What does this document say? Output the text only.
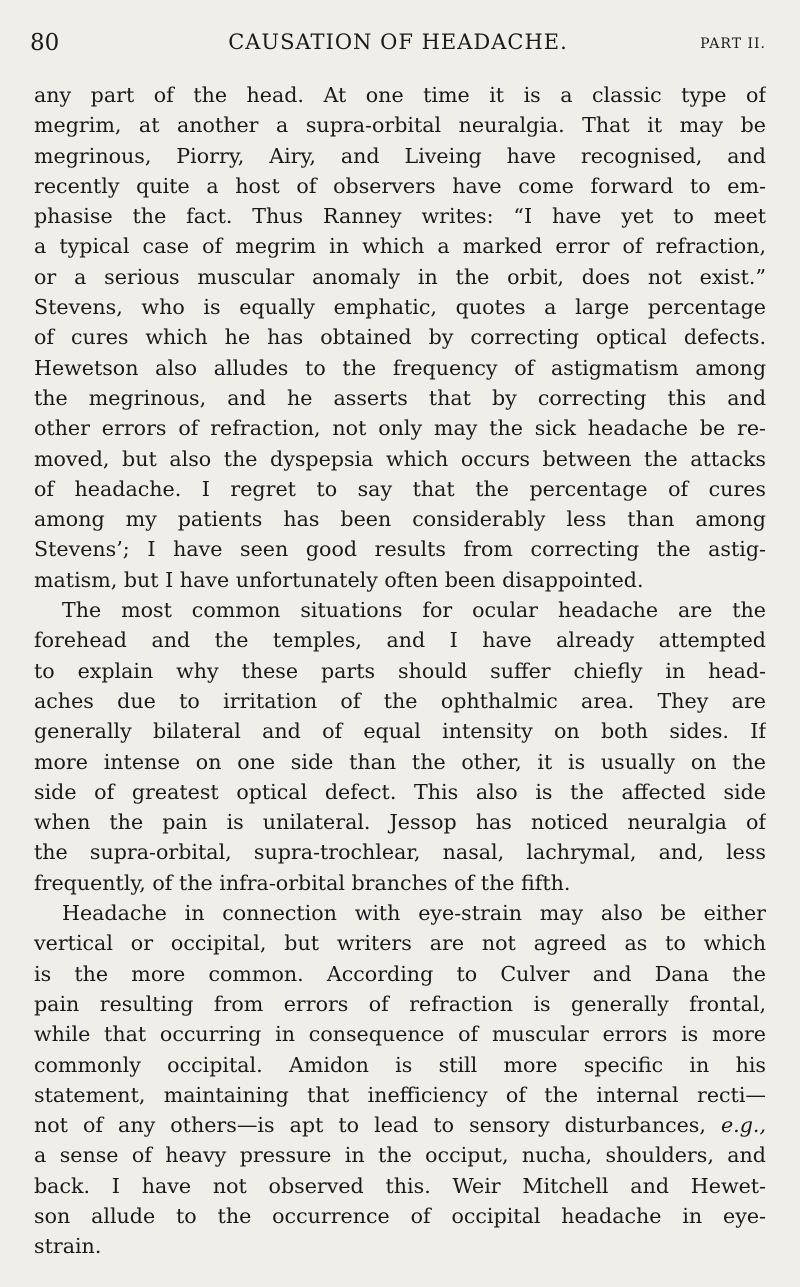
80	CAUSATION OF HEADACHE.	PART II.
any part of the head. At one time it is a classic type of
megrim, at another a supra-orbital neuralgia. That it may be
megrinous, Piorry, Airy, and Liveing have recognised, and
recently quite a host of observers have come forward to em-
phasise the fact. Thus Ranney writes: “I have yet to meet
a typical case of megrim in which a marked error of refraction,
or a serious muscular anomaly in the orbit, does not exist.”
Stevens, who is equally emphatic, quotes a large percentage
of cures which he has obtained by correcting optical defects.
Hewetson also alludes to the frequency of astigmatism among
the megrinous, and he asserts that by correcting this and
other errors of refraction, not only may the sick headache be re-
moved, but also the dyspepsia which occurs between the attacks
of headache. I regret to say that the percentage of cures
among my patients has been considerably less than among
Stevens’; I have seen good results from correcting the astig-
matism, but I have unfortunately often been disappointed.
The most common situations for ocular headache are the
forehead and the temples, and I have already attempted
to explain why these parts should suffer chiefly in head-
aches due to irritation of the ophthalmic area. They are
generally bilateral and of equal intensity on both sides. If
more intense on one side than the other, it is usually on the
side of greatest optical defect. This also is the affected side
when the pain is unilateral. Jessop has noticed neuralgia of
the supra-orbital, supra-trochlear, nasal, lachrymal, and, less
frequently, of the infra-orbital branches of the fifth.
Headache in connection with eye-strain may also be either
vertical or occipital, but writers are not agreed as to which
is the more common. According to Culver and Dana the
pain resulting from errors of refraction is generally frontal,
while that occurring in consequence of muscular errors is more
commonly occipital. Amidon is still more specific in his
statement, maintaining that inefficiency of the internal recti—
not of any others—is apt to lead to sensory disturbances, e.g.,
a sense of heavy pressure in the occiput, nucha, shoulders, and
back. I have not observed this. Weir Mitchell and Hewet-
son allude to the occurrence of occipital headache in eye-
strain.
